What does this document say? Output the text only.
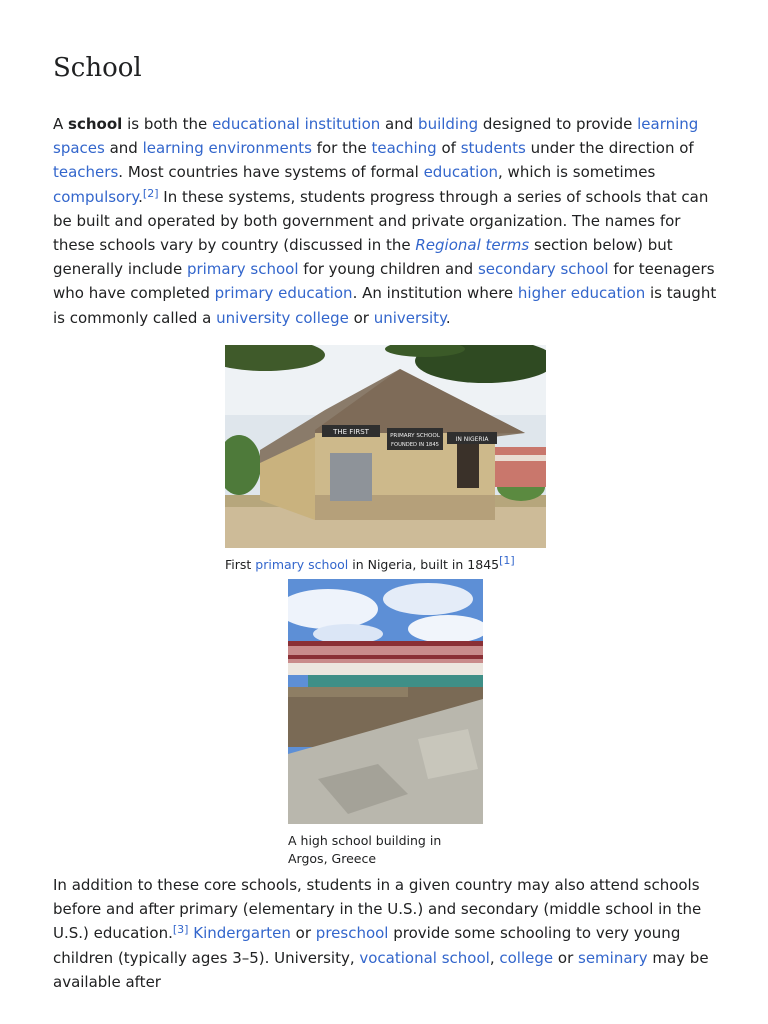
School

A school is both the educational institution and building designed to provide learning spaces and learning environments for the teaching of students under the direction of teachers. Most countries have systems of formal education, which is sometimes compulsory.[2] In these systems, students progress through a series of schools that can be built and operated by both government and private organization. The names for these schools vary by country (discussed in the Regional terms section below) but generally include primary school for young children and secondary school for teenagers who have completed primary education. An institution where higher education is taught is commonly called a university college or university.

THE FIRST	PRIMARY SCHOOL
FOUNDED IN 1845
IN NIGERIA
First primary school in Nigeria, built in 1845[1]
A high school building in Argos, Greece

In addition to these core schools, students in a given country may also attend schools before and after primary (elementary in the U.S.) and secondary (middle school in the U.S.) education.[3] Kindergarten or preschool provide some schooling to very young children (typically ages 3–5). University, vocational school, college or seminary may be available after
